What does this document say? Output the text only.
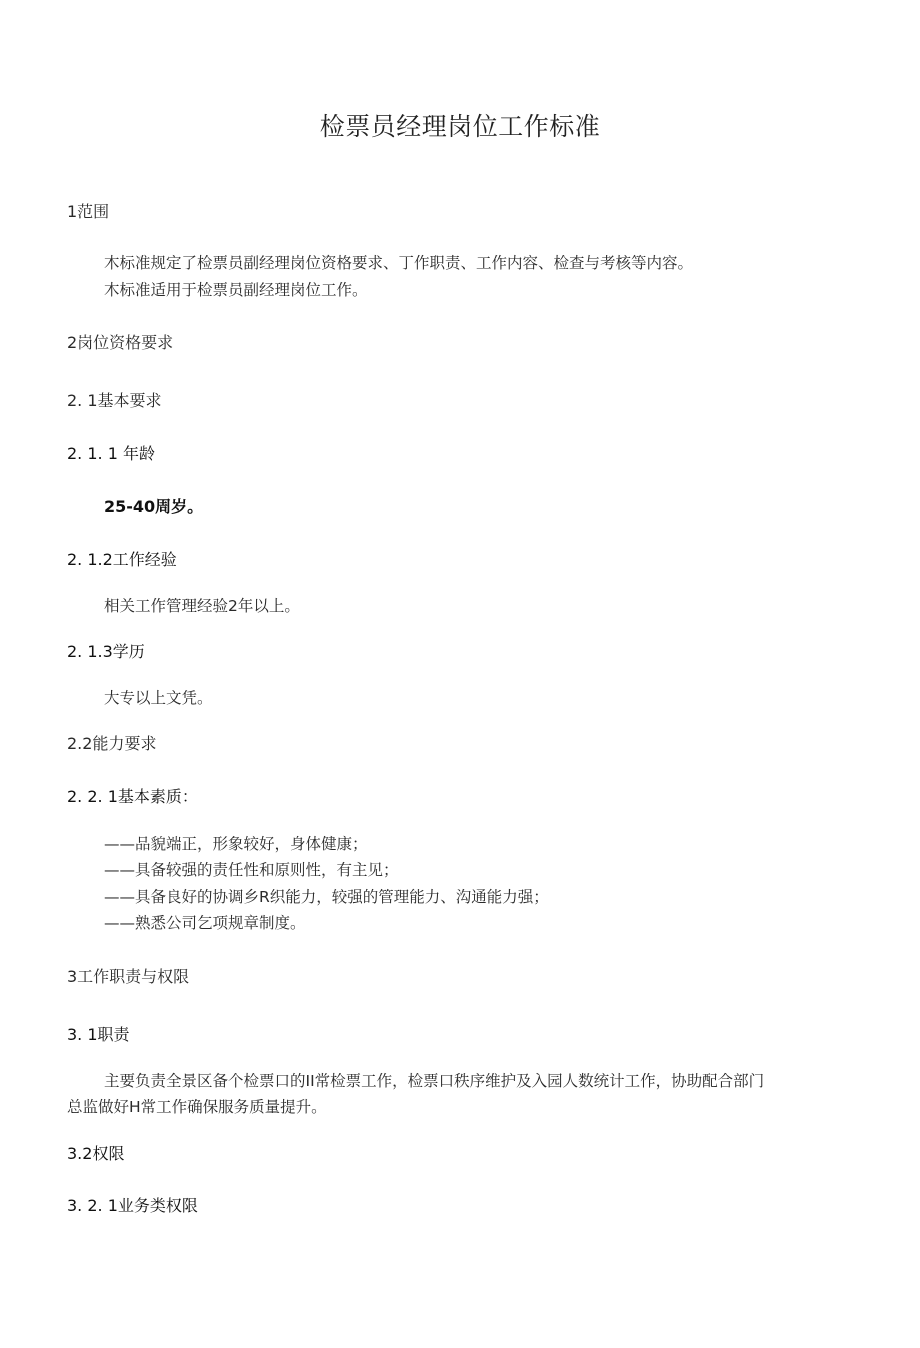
检票员经理岗位工作标准
1范围
木标准规定了检票员副经理岗位资格要求、丁作职责、工作内容、检查与考核等内容。
木标准适用于检票员副经理岗位工作。
2岗位资格要求
2. 1基本要求
2. 1. 1 年龄
25-40周岁。
2. 1.2工作经验
相关工作管理经验2年以上。
2. 1.3学历
大专以上文凭。
2.2能力要求
2. 2. 1基本素质：
——品貌端正，形象较好，身体健康；
——具备较强的责任性和原则性，有主见；
——具备良好的协调乡R织能力，较强的管理能力、沟通能力强；
——熟悉公司乞项规章制度。
3工作职责与权限
3. 1职责
主要负责全景区备个检票口的II常检票工作，检票口秩序维护及入园人数统计工作，协助配合部门
总监做好H常工作确保服务质量提升。
3.2权限
3. 2. 1业务类权限
